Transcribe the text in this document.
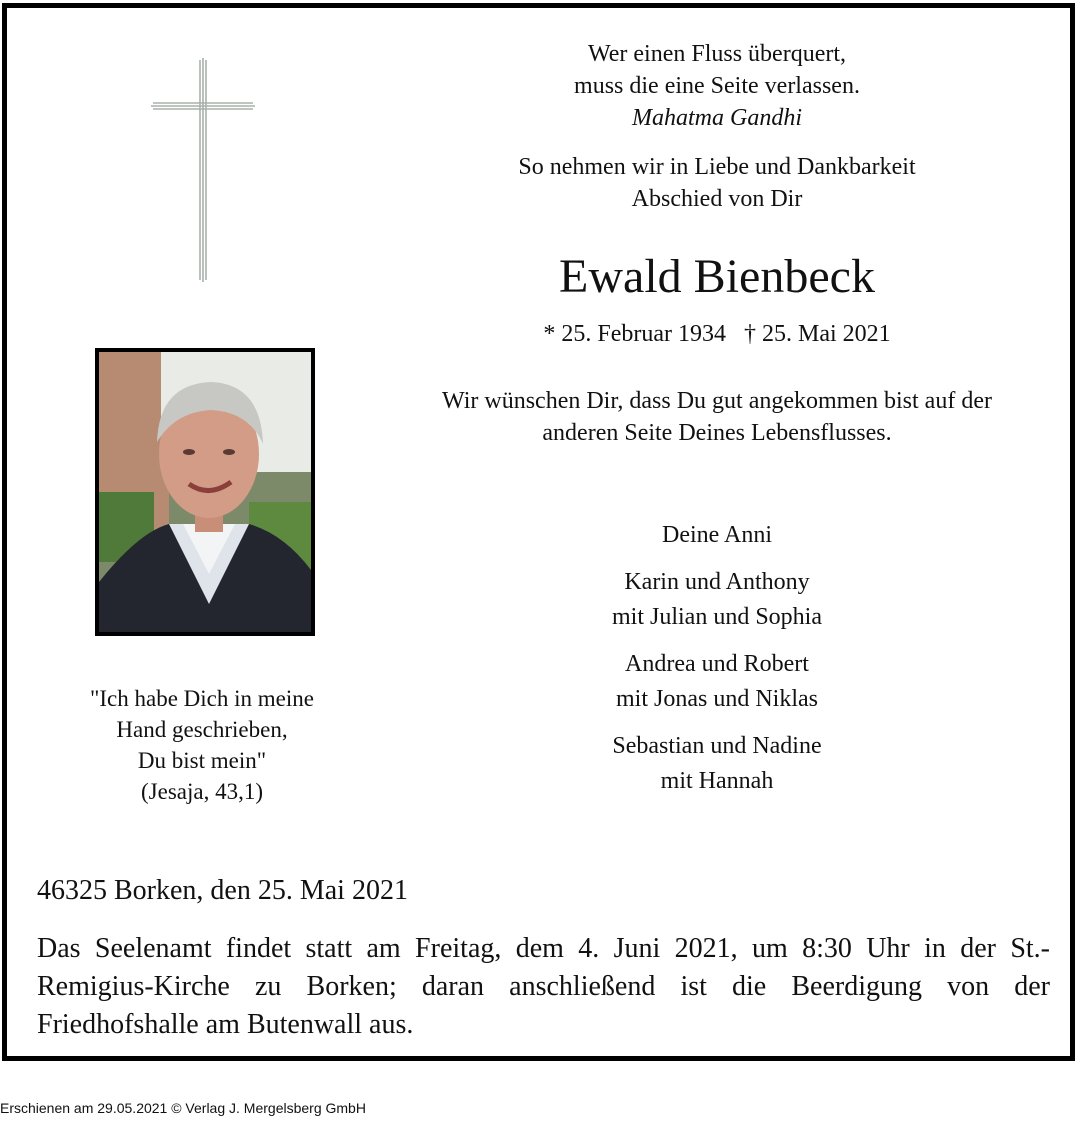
Wer einen Fluss überquert,
muss die eine Seite verlassen.
Mahatma Gandhi
So nehmen wir in Liebe und Dankbarkeit
Abschied von Dir
Ewald Bienbeck
* 25. Februar 1934   † 25. Mai 2021
Wir wünschen Dir, dass Du gut angekommen bist auf der
anderen Seite Deines Lebensflusses.
"Ich habe Dich in meine
Hand geschrieben,
Du bist mein"
(Jesaja, 43,1)
Deine Anni
Karin und Anthony
mit Julian und Sophia
Andrea und Robert
mit Jonas und Niklas
Sebastian und Nadine
mit Hannah
46325 Borken, den 25. Mai 2021
Das Seelenamt findet statt am Freitag, dem 4. Juni 2021, um 8:30 Uhr in der St.-Remigius-Kirche zu Borken; daran anschließend ist die Beerdigung von der Friedhofshalle am Butenwall aus.
Erschienen am 29.05.2021 © Verlag J. Mergelsberg GmbH
